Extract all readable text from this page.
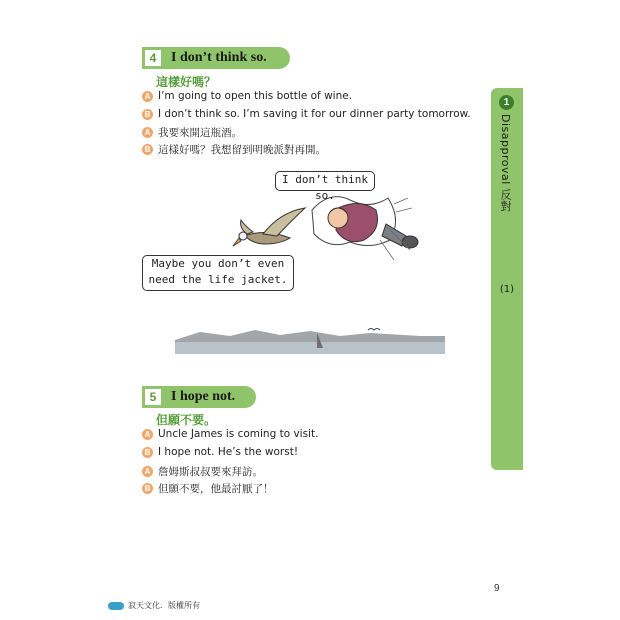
4	I don’t think so.
這樣好嗎？
A I’m going to open this bottle of wine.
B I don’t think so. I’m saving it for our dinner party tomorrow.
A 我要來開這瓶酒。
B 這樣好嗎？我想留到明晚派對再開。
I don’t think so.
Maybe you don’t even
need the life jacket.
5	I hope not.
但願不要。
A Uncle James is coming to visit.
B I hope not. He’s the worst!
A 詹姆斯叔叔要來拜訪。
B 但願不要，他最討厭了！
1
Disapproval 反對
(1)
9
寂天文化．版權所有
